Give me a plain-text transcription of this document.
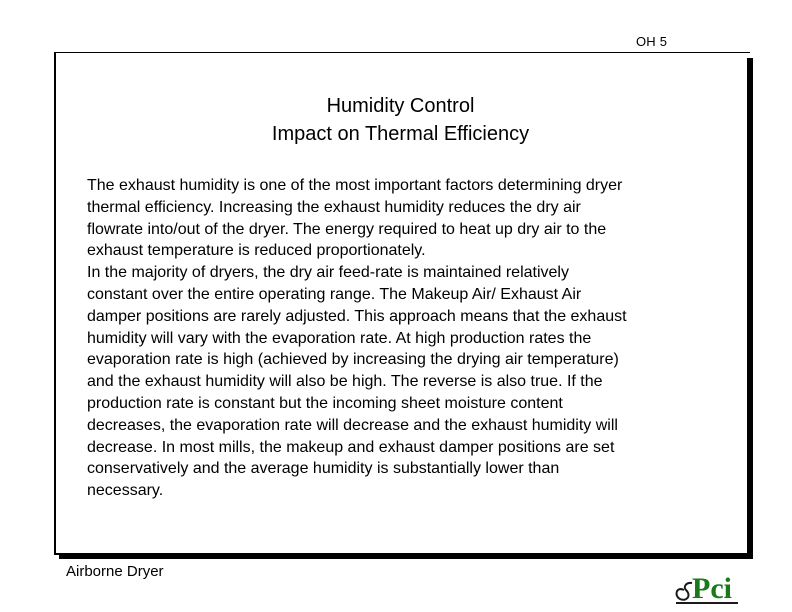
OH 5
Humidity Control
Impact on Thermal Efficiency
The exhaust humidity is one of the most important factors determining dryer
thermal efficiency. Increasing the exhaust humidity reduces the dry air
flowrate into/out of the dryer. The energy required to heat up dry air to the
exhaust temperature is reduced proportionately.
In the majority of dryers, the dry air feed-rate is maintained relatively
constant over the entire operating range. The Makeup Air/ Exhaust Air
damper positions are rarely adjusted. This approach means that the exhaust
humidity will vary with the evaporation rate. At high production rates the
evaporation rate is high (achieved by increasing the drying air temperature)
and the exhaust humidity will also be high. The reverse is also true. If the
production rate is constant but the incoming sheet moisture content
decreases, the evaporation rate will decrease and the exhaust humidity will
decrease. In most mills, the makeup and exhaust damper positions are set
conservatively and the average humidity is substantially lower than
necessary.
Airborne Dryer
Pci
